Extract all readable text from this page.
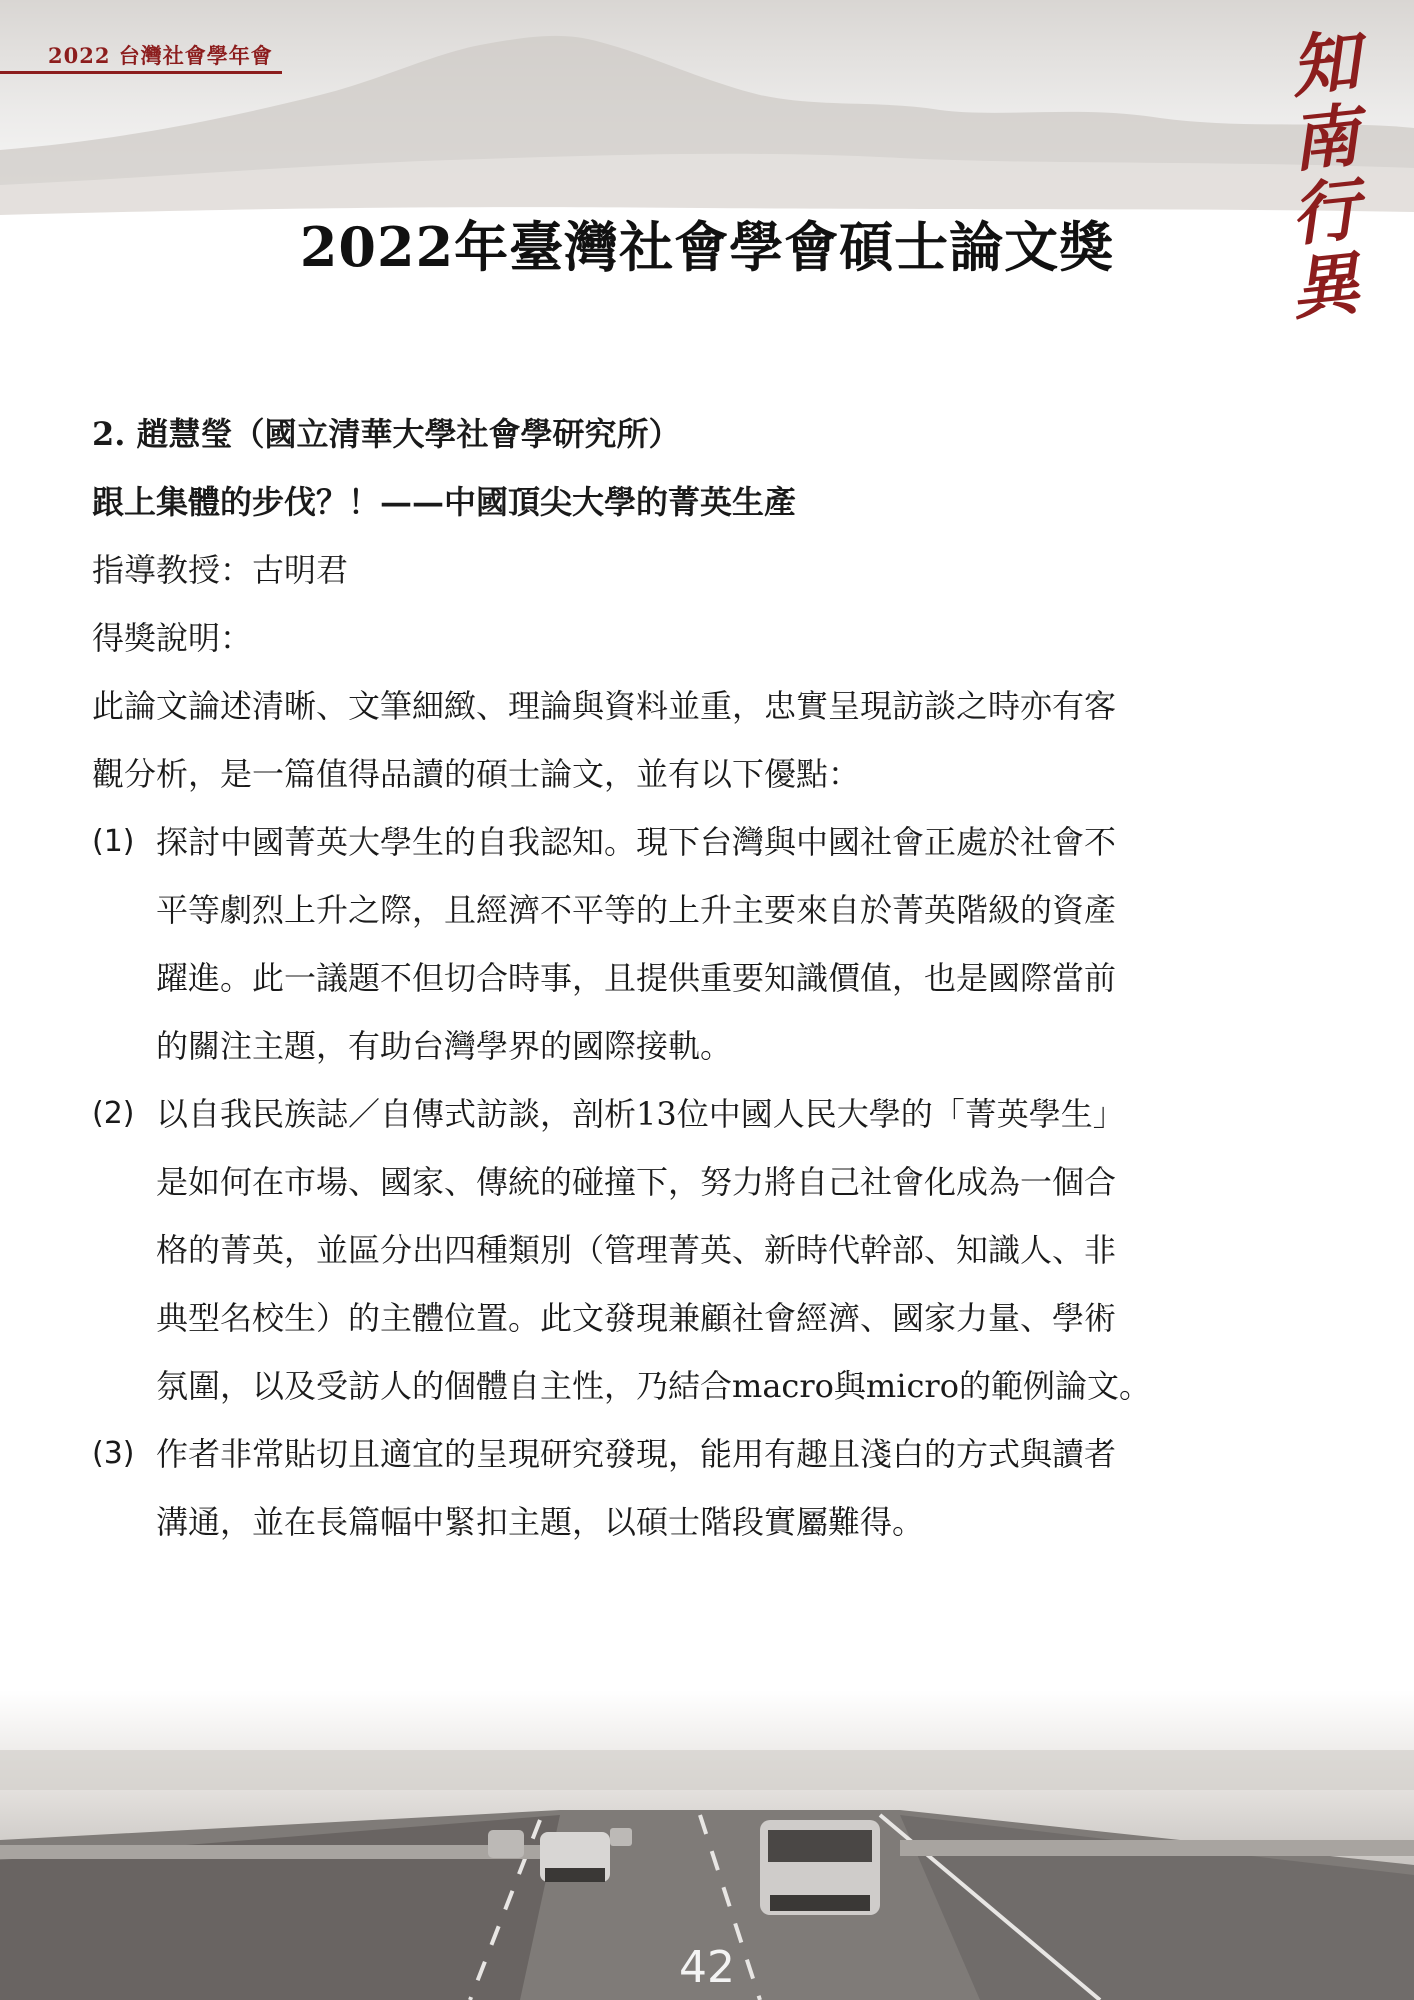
2022 台灣社會學年會	知
南
行
異
2022年臺灣社會學會碩士論文獎
2. 趙慧瑩（國立清華大學社會學研究所）
跟上集體的步伐？！——中國頂尖大學的菁英生產
指導教授：古明君
得獎說明：
此論文論述清晰、文筆細緻、理論與資料並重，忠實呈現訪談之時亦有客
觀分析，是一篇值得品讀的碩士論文，並有以下優點：
(1) 探討中國菁英大學生的自我認知。現下台灣與中國社會正處於社會不
平等劇烈上升之際，且經濟不平等的上升主要來自於菁英階級的資產
躍進。此一議題不但切合時事，且提供重要知識價值，也是國際當前
的關注主題，有助台灣學界的國際接軌。
(2) 以自我民族誌／自傳式訪談，剖析13位中國人民大學的「菁英學生」
是如何在市場、國家、傳統的碰撞下，努力將自己社會化成為一個合
格的菁英，並區分出四種類別（管理菁英、新時代幹部、知識人、非
典型名校生）的主體位置。此文發現兼顧社會經濟、國家力量、學術
氛圍，以及受訪人的個體自主性，乃結合macro與micro的範例論文。
(3) 作者非常貼切且適宜的呈現研究發現，能用有趣且淺白的方式與讀者
溝通，並在長篇幅中緊扣主題，以碩士階段實屬難得。
42
